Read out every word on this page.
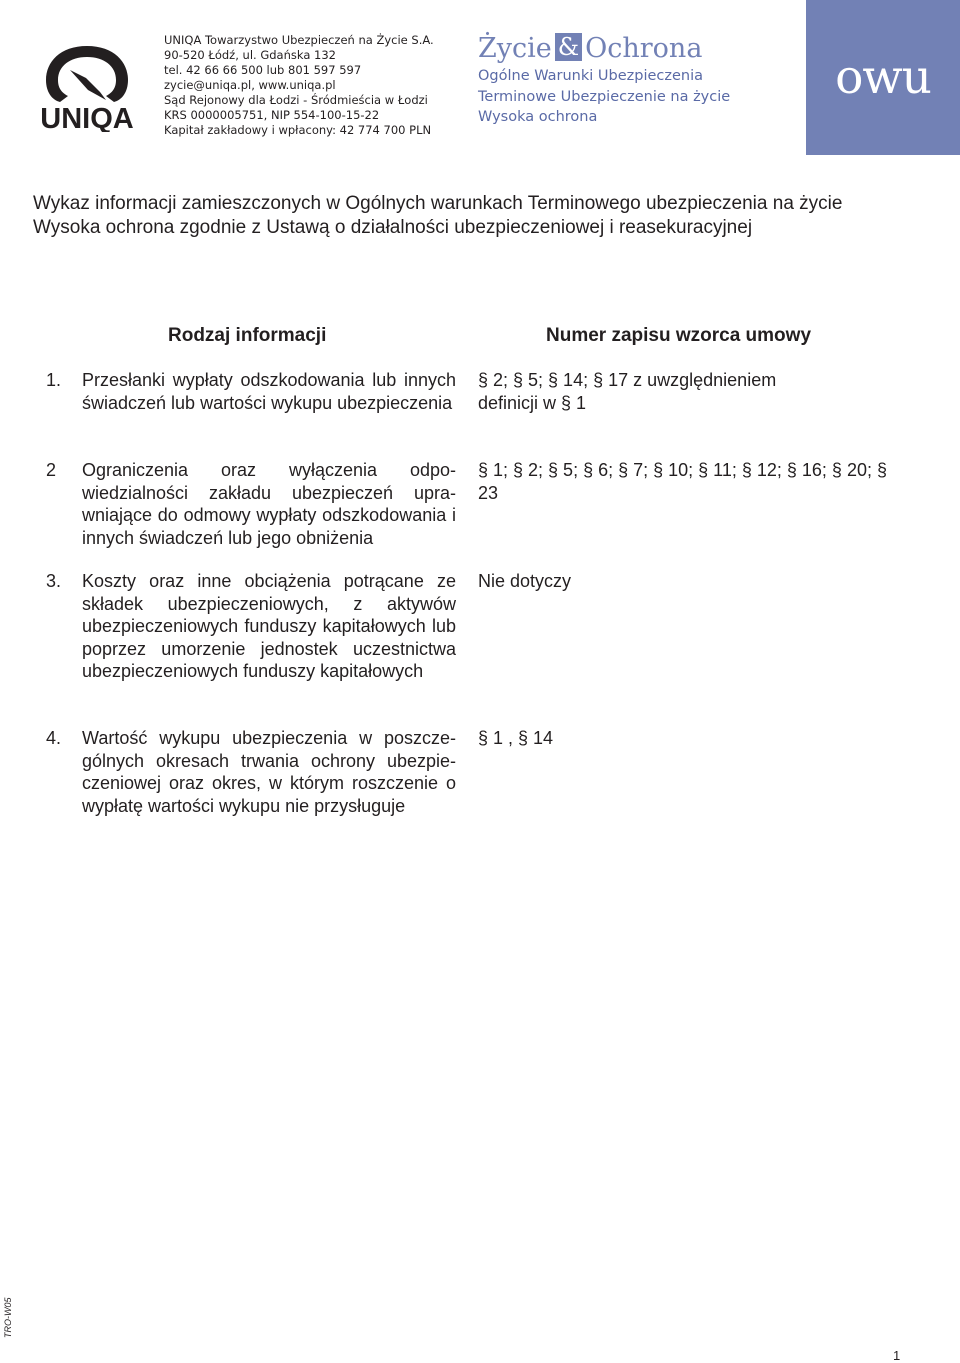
UNIQA
UNIQA Towarzystwo Ubezpieczeń na Życie S.A.
90-520 Łódź, ul. Gdańska 132
tel. 42 66 66 500 lub 801 597 597
zycie@uniqa.pl, www.uniqa.pl
Sąd Rejonowy dla Łodzi - Śródmieścia w Łodzi
KRS 0000005751, NIP 554-100-15-22
Kapitał zakładowy i wpłacony: 42 774 700 PLN
Życie & Ochrona
Ogólne Warunki Ubezpieczenia
Terminowe Ubezpieczenie na życie
Wysoka ochrona
owu
Wykaz informacji zamieszczonych w Ogólnych warunkach Terminowego ubezpieczenia na życie
Wysoka ochrona zgodnie z Ustawą o działalności ubezpieczeniowej i reasekuracyjnej
Rodzaj informacji	Numer zapisu wzorca umowy
1. Przesłanki wypłaty odszkodowania lub innych świadczeń lub wartości wykupu ubezpieczenia
§ 2; § 5; § 14; § 17 z uwzględnieniem definicji w § 1
2 Ograniczenia oraz wyłączenia odpowiedzialności zakładu ubezpieczeń uprawniające do odmowy wypłaty odszkodowania i innych świadczeń lub jego obniżenia
§ 1; § 2; § 5; § 6; § 7; § 10; § 11; § 12; § 16; § 20; § 23
3. Koszty oraz inne obciążenia potrącane ze składek ubezpieczeniowych, z aktywów ubezpieczeniowych funduszy kapitałowych lub poprzez umorzenie jednostek uczestnictwa ubezpieczeniowych funduszy kapitałowych
Nie dotyczy
4. Wartość wykupu ubezpieczenia w poszczególnych okresach trwania ochrony ubezpieczeniowej oraz okres, w którym roszczenie o wypłatę wartości wykupu nie przysługuje
§ 1 , § 14
TRO-W05
1
